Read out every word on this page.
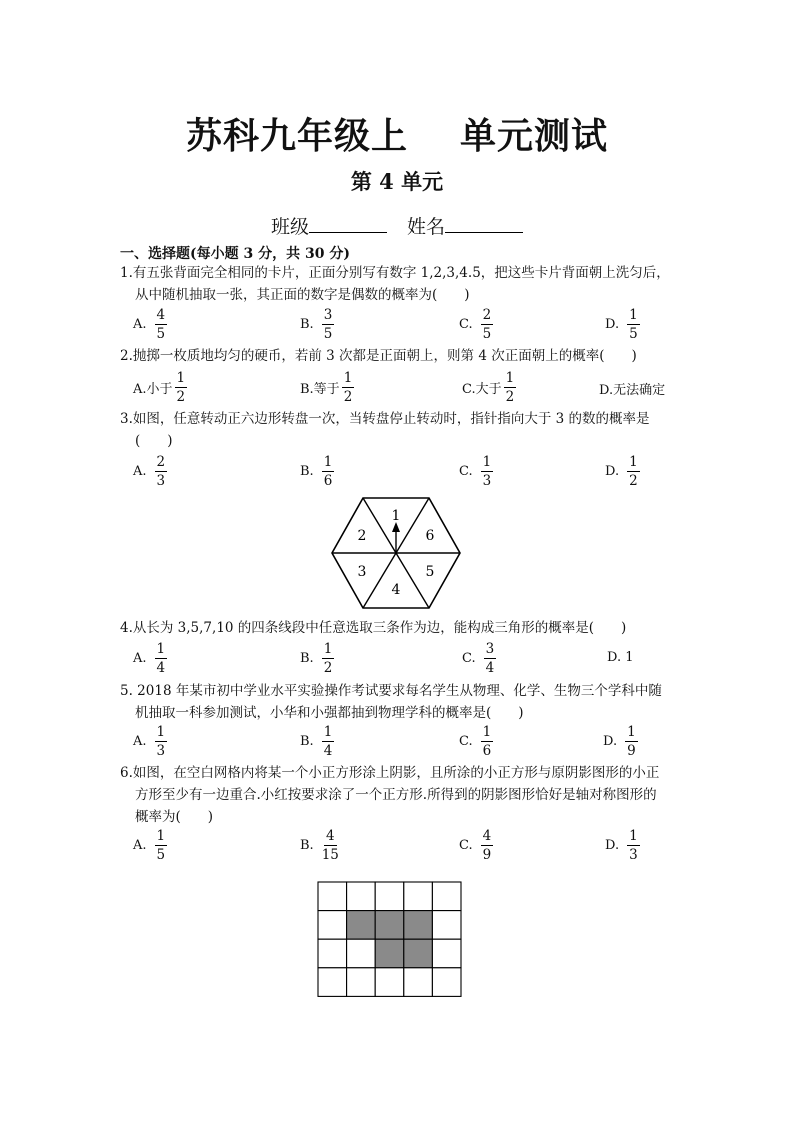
苏科九年级上 单元测试
第 4 单元
班级	姓名
一、选择题(每小题 3 分，共 30 分)
1.有五张背面完全相同的卡片，正面分别写有数字 1,2,3,4.5，把这些卡片背面朝上洗匀后，
从中随机抽取一张，其正面的数字是偶数的概率为(　　)
A. $\frac{4}{5}$	B. $\frac{3}{5}$	C. $\frac{2}{5}$	D. $\frac{1}{5}$
2.抛掷一枚质地均匀的硬币，若前 3 次都是正面朝上，则第 4 次正面朝上的概率(　　)
A.小于 $\frac{1}{2}$	B.等于 $\frac{1}{2}$	C.大于 $\frac{1}{2}$	D.无法确定
3.如图，任意转动正六边形转盘一次，当转盘停止转动时，指针指向大于 3 的数的概率是
(　　)
A. $\frac{2}{3}$	B. $\frac{1}{6}$	C. $\frac{1}{3}$	D. $\frac{1}{2}$
1
6
5
4
3
2
4.从长为 3,5,7,10 的四条线段中任意选取三条作为边，能构成三角形的概率是(　　)
A. $\frac{1}{4}$	B. $\frac{1}{2}$	C. $\frac{3}{4}$	D. 1
5. 2018 年某市初中学业水平实验操作考试要求每名学生从物理、化学、生物三个学科中随
机抽取一科参加测试，小华和小强都抽到物理学科的概率是(　　)
A. $\frac{1}{3}$	B. $\frac{1}{4}$	C. $\frac{1}{6}$	D. $\frac{1}{9}$
6.如图，在空白网格内将某一个小正方形涂上阴影，且所涂的小正方形与原阴影图形的小正
方形至少有一边重合.小红按要求涂了一个正方形.所得到的阴影图形恰好是轴对称图形的
概率为(　　)
A. $\frac{1}{5}$	B. $\frac{4}{15}$	C. $\frac{4}{9}$	D. $\frac{1}{3}$
